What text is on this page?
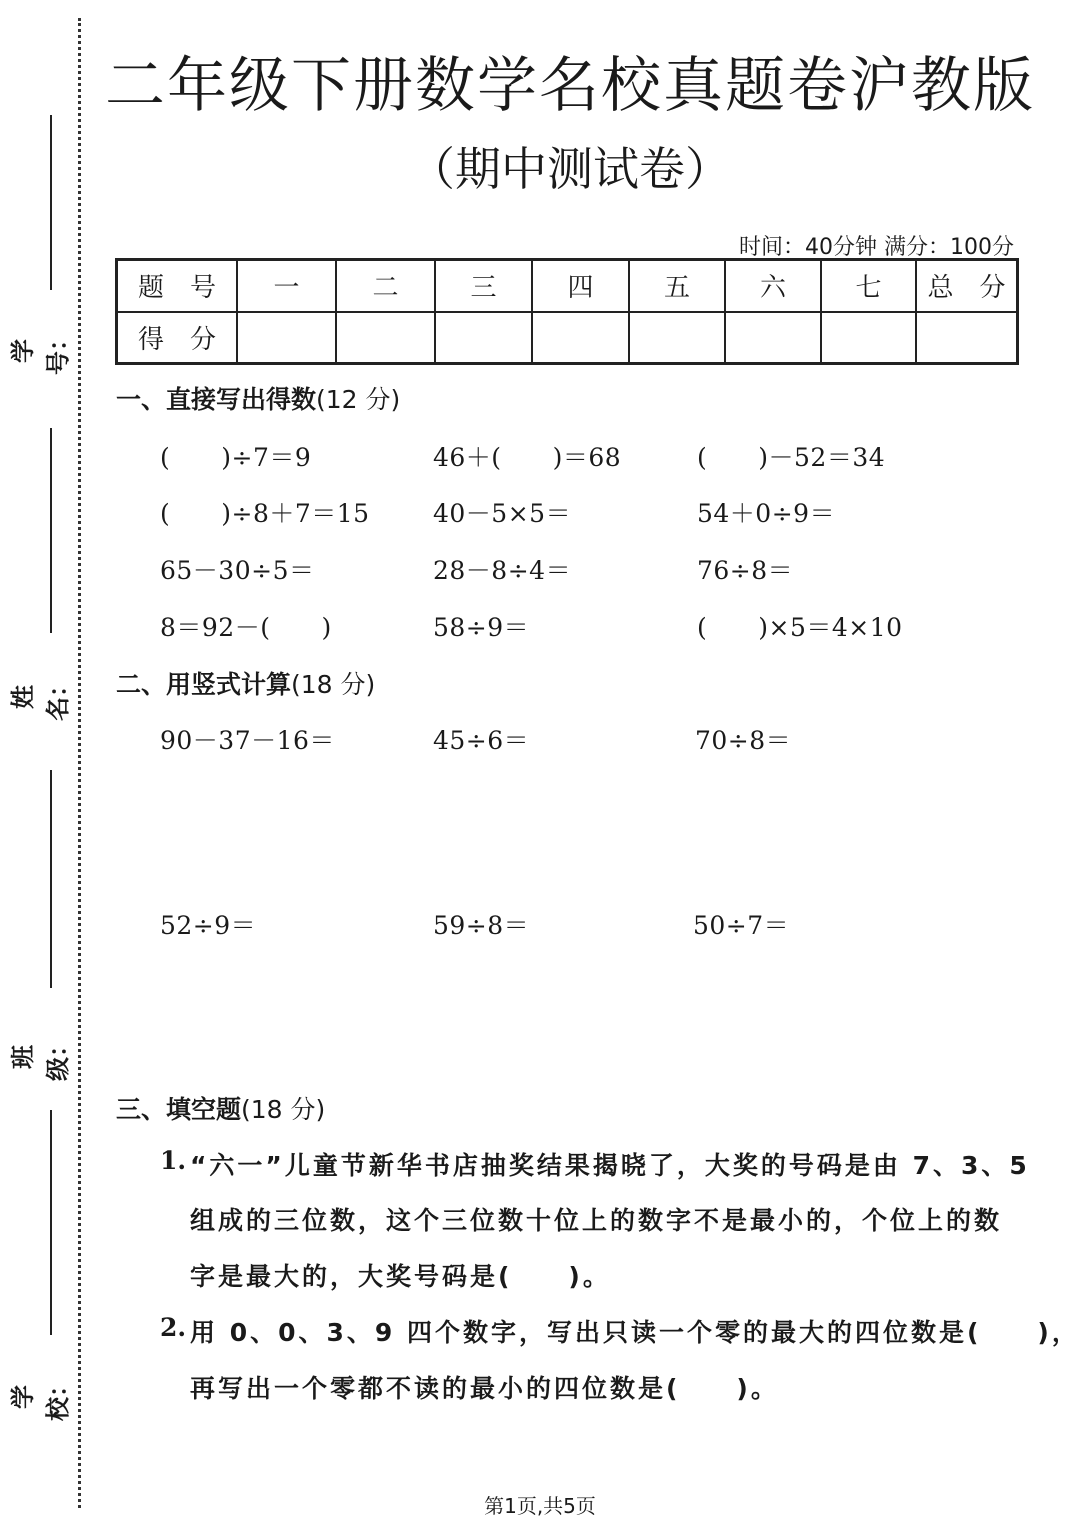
学号：
姓名：
班级：
学校：
二年级下册数学名校真题卷沪教版
（期中测试卷）
时间：40分钟 满分：100分
题　号	一	二	三	四	五	六	七	总　分
得　分								
一、直接写出得数(12 分)
(　　)÷7＝9	46＋(　　)＝68	(　　)－52＝34
(　　)÷8＋7＝15	40－5×5＝	54＋0÷9＝
65－30÷5＝	28－8÷4＝	76÷8＝
8＝92－(　　)	58÷9＝	(　　)×5＝4×10
二、用竖式计算(18 分)
90－37－16＝	45÷6＝	70÷8＝
52÷9＝	59÷8＝	50÷7＝
三、填空题(18 分)
1. “六一”儿童节新华书店抽奖结果揭晓了，大奖的号码是由 7、3、5
组成的三位数，这个三位数十位上的数字不是最小的，个位上的数
字是最大的，大奖号码是(　　)。
2. 用 0、0、3、9 四个数字，写出只读一个零的最大的四位数是(　　)，
再写出一个零都不读的最小的四位数是(　　)。
第1页,共5页
